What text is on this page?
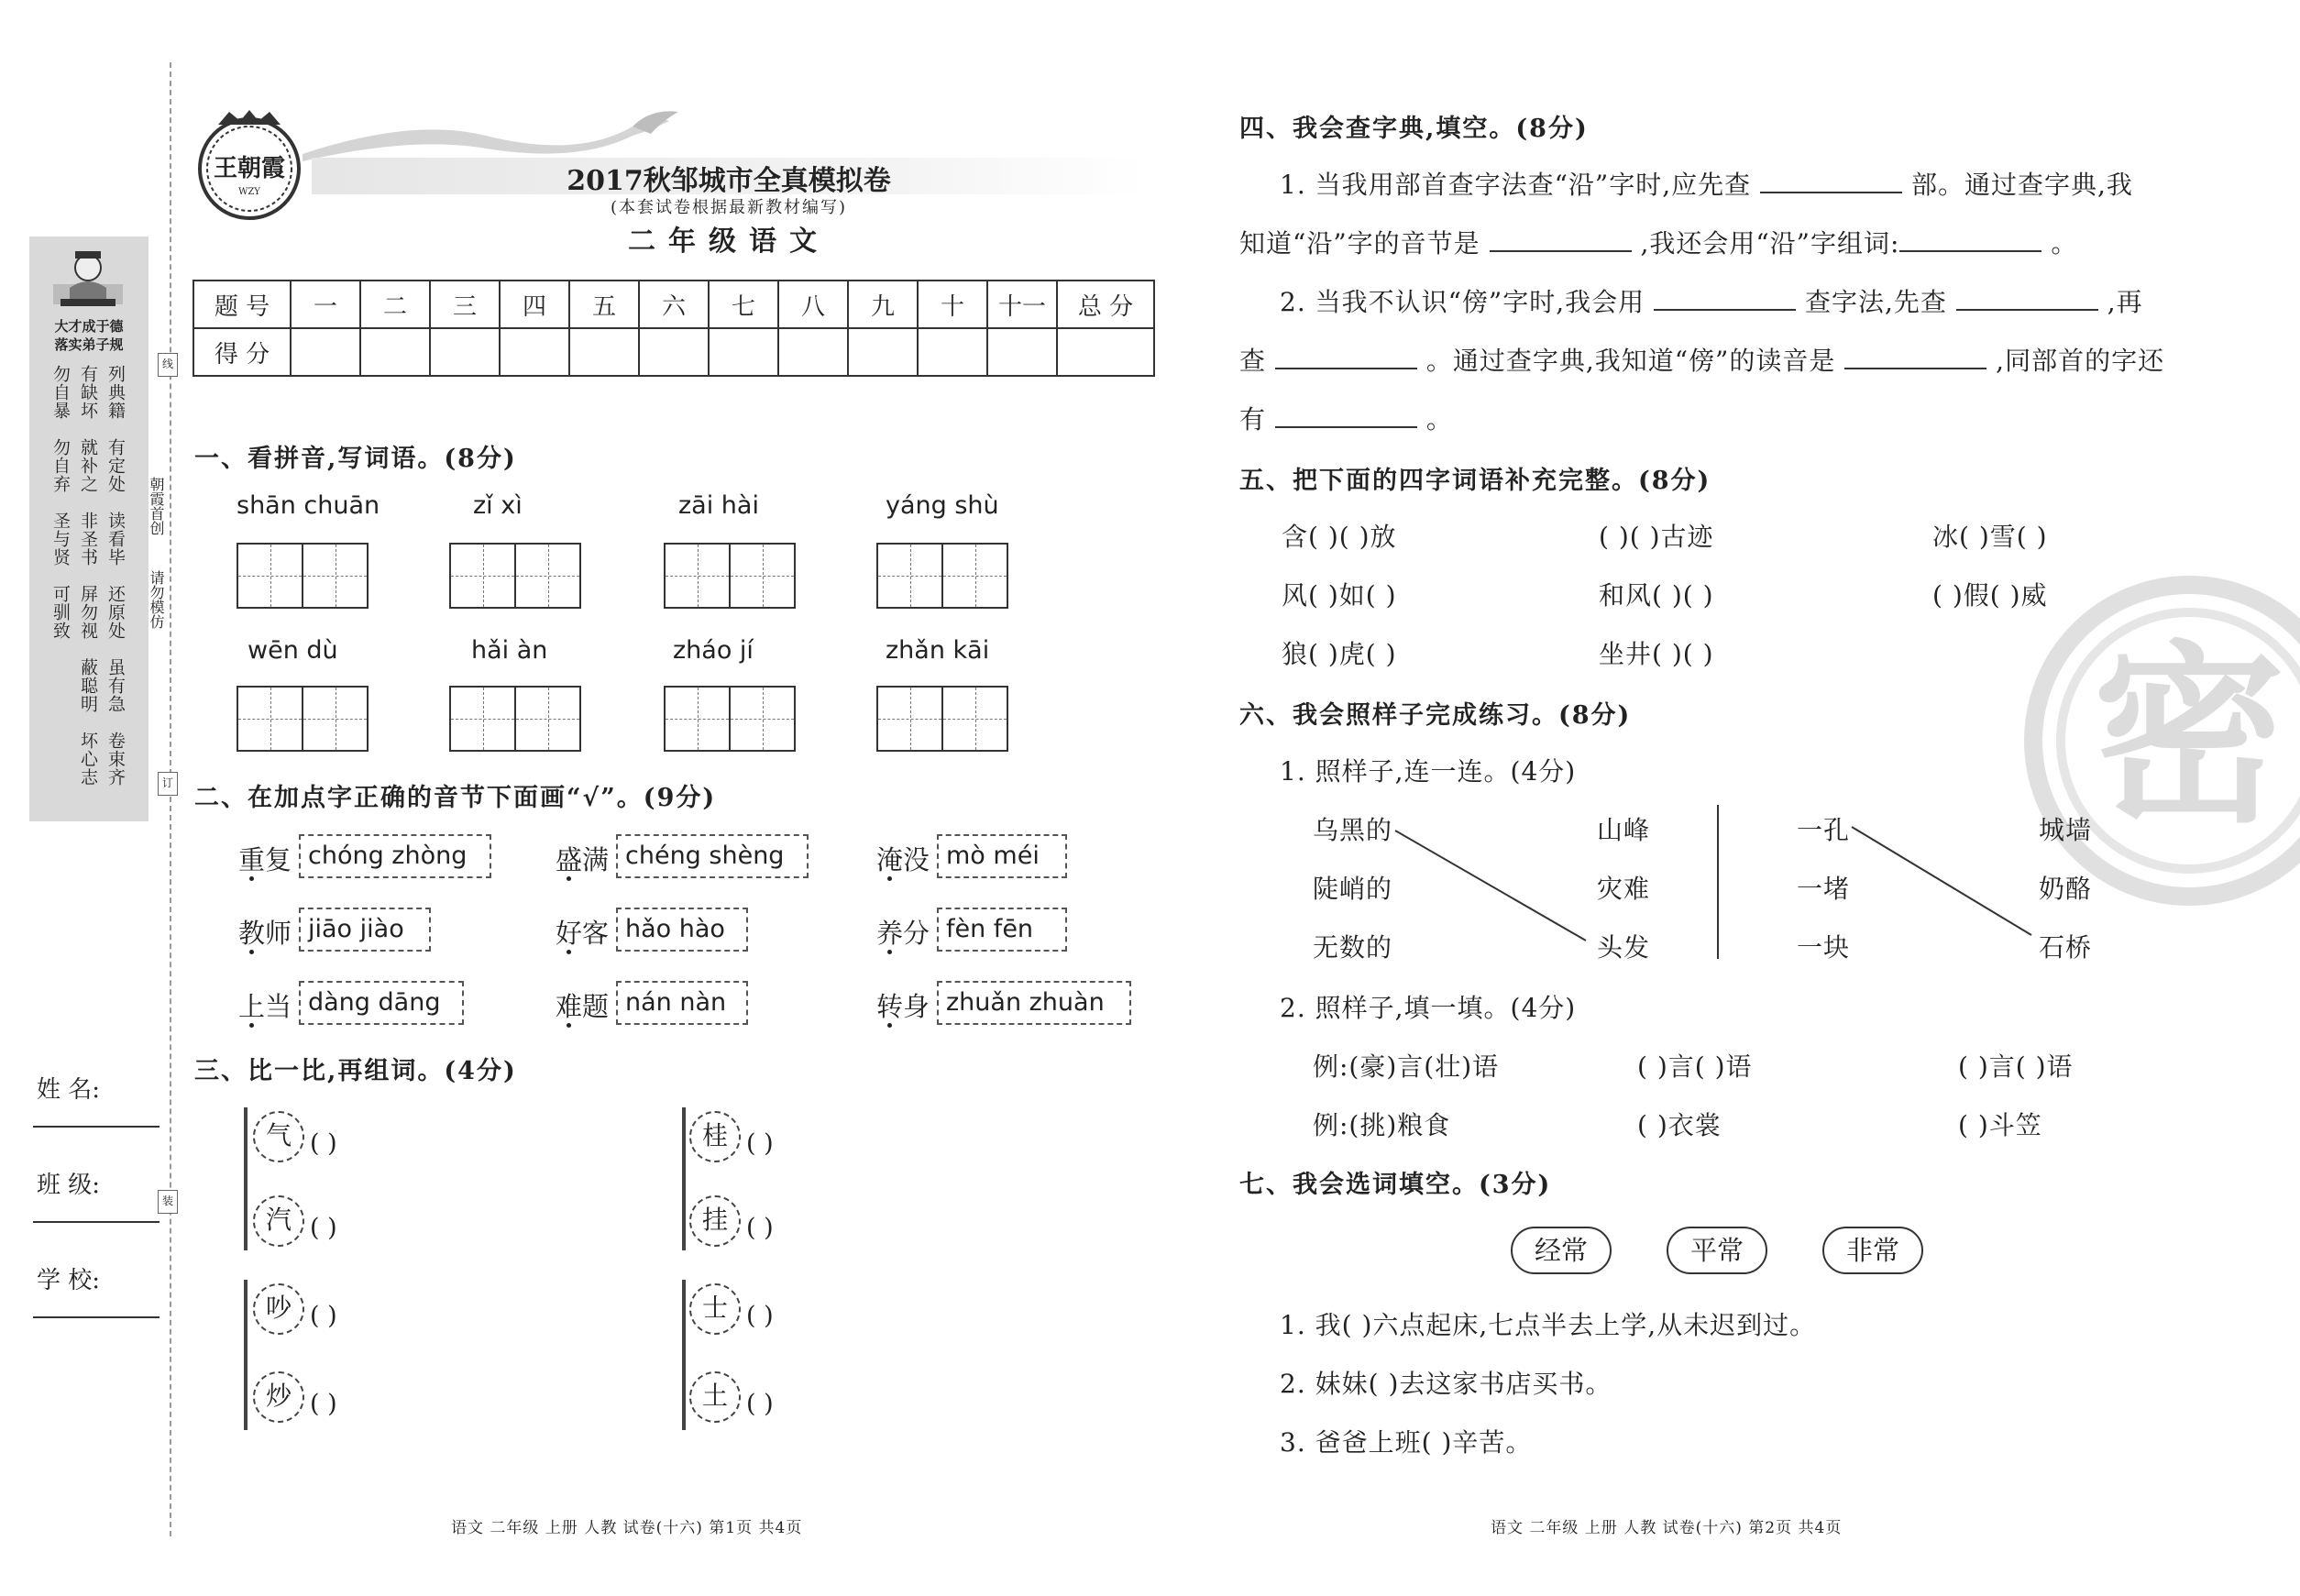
大才成于德
落实弟子规
勿自暴　勿自弃　圣与贤　可驯致
有缺坏　就补之　非圣书　屏勿视　蔽聪明　坏心志
列典籍　有定处　读看毕　还原处　虽有急　卷束齐
朝霞首创
请勿模仿
线
订
装
姓 名:
班 级:
学 校:
王朝霞
WZY	2017秋邹城市全真模拟卷
(本套试卷根据最新教材编写)
二年级语文
题 号	一	二	三	四	五	六	七	八	九	十	十一	总 分
得 分												
一、看拼音,写词语。(8分)
shān chuān	zǐ xì	zāi hài	yáng shù
wēn dù	hǎi àn	zháo jí	zhǎn kāi
二、在加点字正确的音节下面画“√”。(9分)
重复 chóng zhòng	盛满 chéng shèng	淹没 mò méi
教师 jiāo jiào	好客 hǎo hào	养分 fèn fēn
上当 dàng dāng	难题 nán nàn	转身 zhuǎn zhuàn
三、比一比,再组词。(4分)
气 ( )
汽 ( )
桂 ( )
挂 ( )
吵 ( )
炒 ( )
士 ( )
土 ( )
语文 二年级 上册 人教 试卷(十六) 第1页 共4页
密
四、我会查字典,填空。(8分)
1. 当我用部首查字法查“沿”字时,应先查	部。通过查字典,我
知道“沿”字的音节是	,我还会用“沿”字组词:	。
2. 当我不认识“傍”字时,我会用	查字法,先查	,再
查	。通过查字典,我知道“傍”的读音是	,同部首的字还
有	。
五、把下面的四字词语补充完整。(8分)
含( )( )放	( )( )古迹	冰( )雪( )
风( )如( )	和风( )( )	( )假( )威
狼( )虎( )	坐井( )( )
六、我会照样子完成练习。(8分)
1. 照样子,连一连。(4分)
乌黑的
陡峭的
无数的
山峰
灾难
头发
一孔
一堵
一块
城墙
奶酪
石桥
2. 照样子,填一填。(4分)
例:(豪)言(壮)语	( )言( )语	( )言( )语
例:(挑)粮食	( )衣裳	( )斗笠
七、我会选词填空。(3分)
经常	平常	非常
1. 我( )六点起床,七点半去上学,从未迟到过。
2. 妹妹( )去这家书店买书。
3. 爸爸上班( )辛苦。
语文 二年级 上册 人教 试卷(十六) 第2页 共4页
